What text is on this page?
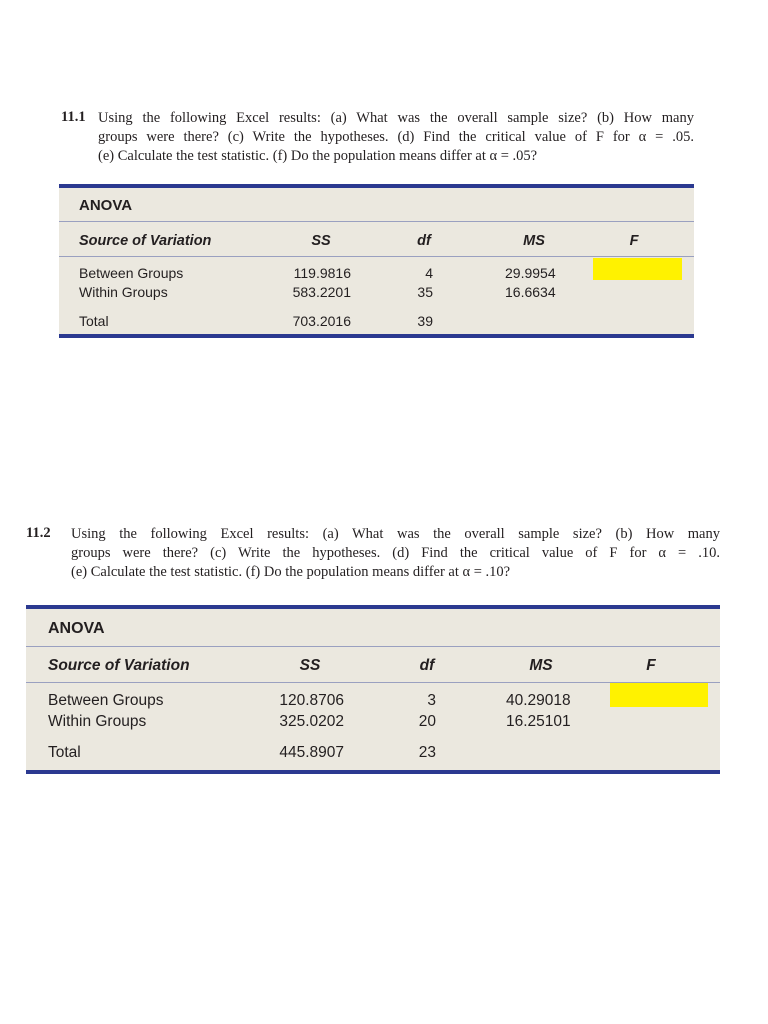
11.1 Using the following Excel results: (a) What was the overall sample size? (b) How many
groups were there? (c) Write the hypotheses. (d) Find the critical value of F for α = .05.
(e) Calculate the test statistic. (f) Do the population means differ at α = .05?
ANOVA
Source of Variation	SS	df	MS	F
Between Groups	119.9816	4	29.9954
Within Groups	583.2201	35	16.6634
Total	703.2016	39
11.2 Using the following Excel results: (a) What was the overall sample size? (b) How many
groups were there? (c) Write the hypotheses. (d) Find the critical value of F for α = .10.
(e) Calculate the test statistic. (f) Do the population means differ at α = .10?
ANOVA
Source of Variation	SS	df	MS	F
Between Groups	120.8706	3	40.29018
Within Groups	325.0202	20	16.25101
Total	445.8907	23
